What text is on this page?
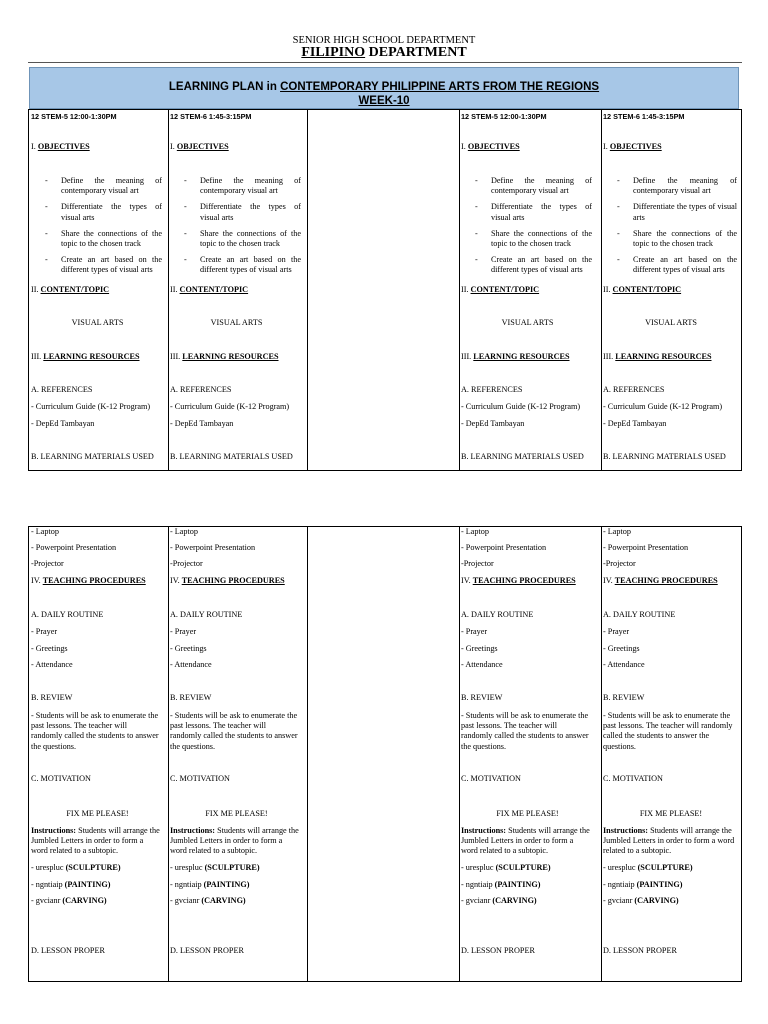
SENIOR HIGH SCHOOL DEPARTMENT
FILIPINO DEPARTMENT
LEARNING PLAN in CONTEMPORARY PHILIPPINE ARTS FROM THE REGIONS
WEEK-10
12 STEM-5 12:00-1:30PM
I. OBJECTIVES
- Define the meaning of contemporary visual art
- Differentiate the types of visual arts
- Share the connections of the topic to the chosen track
- Create an art based on the different types of visual arts
II. CONTENT/TOPIC
VISUAL ARTS
III. LEARNING RESOURCES
A. REFERENCES
- Curriculum Guide (K-12 Program)
- DepEd Tambayan
B. LEARNING MATERIALS USED
- Laptop
- Powerpoint Presentation
-Projector
IV. TEACHING PROCEDURES
A. DAILY ROUTINE
- Prayer
- Greetings
- Attendance
B. REVIEW
- Students will be ask to enumerate the past lessons. The teacher will randomly called the students to answer the questions.
C. MOTIVATION
FIX ME PLEASE!
Instructions: Students will arrange the Jumbled Letters in order to form a word related to a subtopic.
- urespluc (SCULPTURE)
- ngntiaip (PAINTING)
- gvcianr (CARVING)
D. LESSON PROPER
12 STEM-6 1:45-3:15PM
I. OBJECTIVES
- Define the meaning of contemporary visual art
- Differentiate the types of visual arts
- Share the connections of the topic to the chosen track
- Create an art based on the different types of visual arts
II. CONTENT/TOPIC
VISUAL ARTS
III. LEARNING RESOURCES
A. REFERENCES
- Curriculum Guide (K-12 Program)
- DepEd Tambayan
B. LEARNING MATERIALS USED
- Laptop
- Powerpoint Presentation
-Projector
IV. TEACHING PROCEDURES
A. DAILY ROUTINE
- Prayer
- Greetings
- Attendance
B. REVIEW
- Students will be ask to enumerate the past lessons. The teacher will randomly called the students to answer the questions.
C. MOTIVATION
FIX ME PLEASE!
Instructions: Students will arrange the Jumbled Letters in order to form a word related to a subtopic.
- urespluc (SCULPTURE)
- ngntiaip (PAINTING)
- gvcianr (CARVING)
D. LESSON PROPER
12 STEM-5 12:00-1:30PM
I. OBJECTIVES
- Define the meaning of contemporary visual art
- Differentiate the types of visual arts
- Share the connections of the topic to the chosen track
- Create an art based on the different types of visual arts
II. CONTENT/TOPIC
VISUAL ARTS
III. LEARNING RESOURCES
A. REFERENCES
- Curriculum Guide (K-12 Program)
- DepEd Tambayan
B. LEARNING MATERIALS USED
- Laptop
- Powerpoint Presentation
-Projector
IV. TEACHING PROCEDURES
A. DAILY ROUTINE
- Prayer
- Greetings
- Attendance
B. REVIEW
- Students will be ask to enumerate the past lessons. The teacher will randomly called the students to answer the questions.
C. MOTIVATION
FIX ME PLEASE!
Instructions: Students will arrange the Jumbled Letters in order to form a word related to a subtopic.
- urespluc (SCULPTURE)
- ngntiaip (PAINTING)
- gvcianr (CARVING)
D. LESSON PROPER
12 STEM-6 1:45-3:15PM
I. OBJECTIVES
- Define the meaning of contemporary visual art
- Differentiate the types of visual arts
- Share the connections of the topic to the chosen track
- Create an art based on the different types of visual arts
II. CONTENT/TOPIC
VISUAL ARTS
III. LEARNING RESOURCES
A. REFERENCES
- Curriculum Guide (K-12 Program)
- DepEd Tambayan
B. LEARNING MATERIALS USED
- Laptop
- Powerpoint Presentation
-Projector
IV. TEACHING PROCEDURES
A. DAILY ROUTINE
- Prayer
- Greetings
- Attendance
B. REVIEW
- Students will be ask to enumerate the past lessons. The teacher will randomly called the students to answer the questions.
C. MOTIVATION
FIX ME PLEASE!
Instructions: Students will arrange the Jumbled Letters in order to form a word related to a subtopic.
- urespluc (SCULPTURE)
- ngntiaip (PAINTING)
- gvcianr (CARVING)
D. LESSON PROPER
